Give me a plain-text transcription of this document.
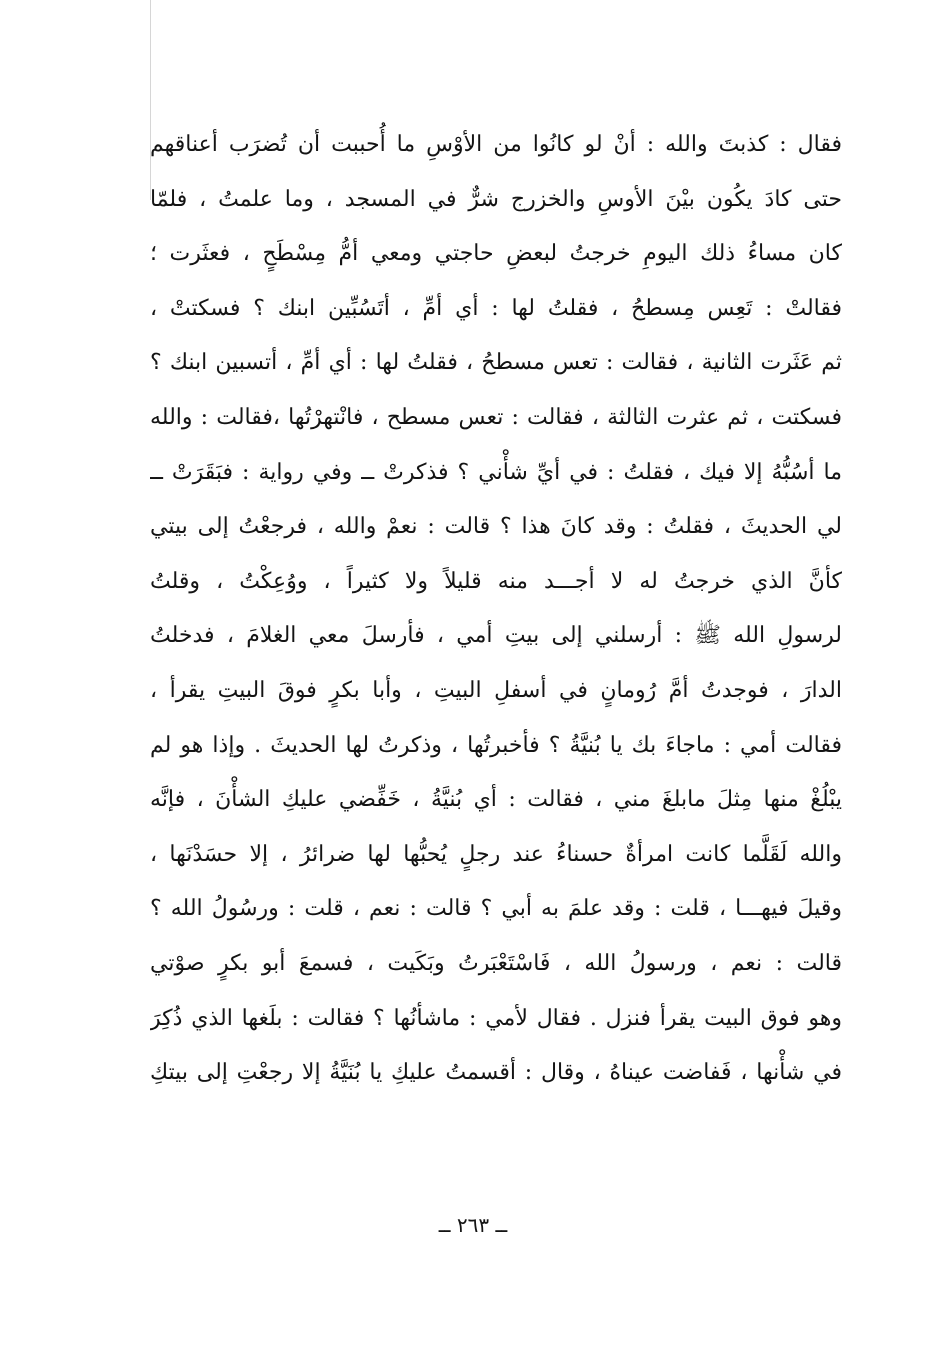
فقال : كذبتَ والله : أنْ لو كانُوا من الأوْسِ ما أُحببت أن تُضرَب أعناقهم
حتى كادَ يكُون بيْنَ الأوسِ والخزرج شرٌّ في المسجد ، وما علمتُ ، فلمّا
كان مساءُ ذلك اليومِ خرجتُ لبعضِ حاجتي ومعي أمُّ مِسْطَحٍ ، فعثَرت ؛
فقالتْ : تَعِس مِسطحُ ، فقلتُ لها : أي أمِّ ، أتَسُبِّين ابنك ؟ فسكتتْ ،
ثم عَثَرت الثانية ، فقالت : تعس مسطحُ ، فقلتُ لها : أي أمِّ ، أتسبين ابنك ؟
فسكتت ، ثم عثرت الثالثة ، فقالت : تعس مسطح ، فانْتهرْتُها ،فقالت : والله
ما أسُبُّهُ إلا فيك ، فقلتُ : في أيِّ شأْني ؟ فذكرتْ ــ وفي رواية : فبَقَرَتْ ــ
لي الحديثَ ، فقلتُ : وقد كانَ هذا ؟ قالت : نعمْ والله ، فرجعْتُ إلى بيتي
كأنَّ الذي خرجتُ له لا أجـــد منه قليلاً ولا كثيراً ، ووُعِكْتُ ، وقلتُ
لرسولِ الله ﷺ : أرسلني إلى بيتِ أمي ، فأرسلَ معي الغلامَ ، فدخلتُ
الدارَ ، فوجدتُ أمَّ رُومانٍ في أسفلِ البيتِ ، وأبا بكرٍ فوقَ البيتِ يقرأ ،
فقالت أمي : ماجاءَ بك يا بُنيَّةُ ؟ فأخبرتُها ، وذكرتُ لها الحديثَ . وإذا هو لم
يبْلُغْ منها مِثلَ مابلغَ مني ، فقالت : أي بُنيَّةُ ، خَفِّضي عليكِ الشأْنَ ، فإنَّه
والله لَقَلَّما كانت امرأةٌ حسناءُ عند رجلٍ يُحبُّها لها ضرائرُ ، إلا حسَدْنَها ،
وقيلَ فيهـــا ، قلت : وقد علمَ به أبي ؟ قالت : نعم ، قلت : ورسُولُ الله ؟
قالت : نعم ، ورسولُ الله ، فَاسْتَعْبَرتُ وبَكَيت ، فسمعَ أبو بكرٍ صوْتي
وهو فوق البيت يقرأ فنزل . فقال لأمي : ماشأنُها ؟ فقالت : بلَغها الذي ذُكِرَ
في شأْنها ، فَفاضت عيناهُ ، وقال : أقسمتُ عليكِ يا بُنَيَّةُ إلا رجعْتِ إلى بيتكِ
ــ ٢٦٣ ــ
